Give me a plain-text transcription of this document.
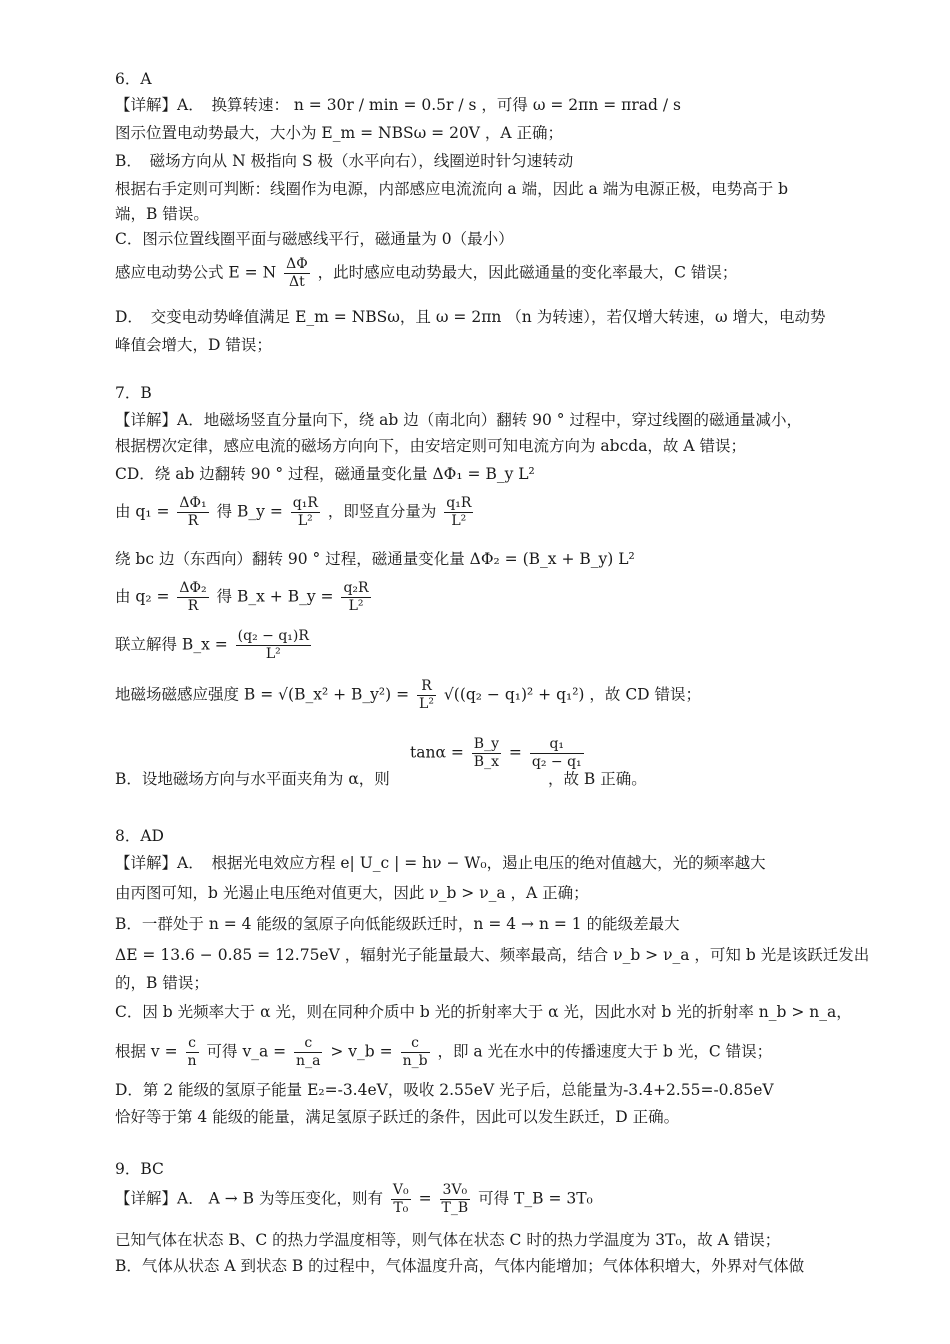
6．A
【详解】A．　换算转速： n = 30r / min = 0.5r / s ，可得 ω = 2πn = πrad / s
图示位置电动势最大，大小为 E_m = NBSω = 20V ，A 正确；
B．　磁场方向从 N 极指向 S 极（水平向右），线圈逆时针匀速转动
根据右手定则可判断：线圈作为电源，内部感应电流流向 a 端，因此 a 端为电源正极，电势高于 b
端，B 错误。
C．图示位置线圈平面与磁感线平行，磁通量为 0（最小）
感应电动势公式 E = N $\frac{\Delta\Phi}{\Delta t}$ ，此时感应电动势最大，因此磁通量的变化率最大，C 错误；
D．　交变电动势峰值满足 E_m = NBSω，且 ω = 2πn （n 为转速），若仅增大转速，ω 增大，电动势
峰值会增大，D 错误；
7．B
【详解】A．地磁场竖直分量向下，绕 ab 边（南北向）翻转 90 ° 过程中，穿过线圈的磁通量减小，
根据楞次定律，感应电流的磁场方向向下，由安培定则可知电流方向为 abcda，故 A 错误；
CD．绕 ab 边翻转 90 ° 过程，磁通量变化量 ΔΦ₁ = B_y L²
由 $q_1 = \frac{\text{ΔΦ₁}}{R}$ 得 B_y = $\frac{\text{q₁R}}{\text{L²}}$ ，即竖直分量为 $\frac{\text{q₁R}}{\text{L²}}$
绕 bc 边（东西向）翻转 90 ° 过程，磁通量变化量 ΔΦ₂ = (B_x + B_y) L²
由 $q_2 = \frac{\text{ΔΦ₂}}{R}$ 得 B_x + B_y = $\frac{\text{q₂R}}{\text{L²}}$
联立解得 B_x = $\frac{\text{(q₂ − q₁)R}}{\text{L²}}$
地磁场磁感应强度 B = √(B_x² + B_y²) = $\frac{R}{\text{L²}} √((q_2 - q_1)^2 + q_1^2)$ ，故 CD 错误；
$\tan\alpha = \frac{B\_y}{B\_x} = \frac{\text{q₁}}{\text{q₂ − q₁}}$
B．设地磁场方向与水平面夹角为 α，则	，故 B 正确。
8．AD
【详解】A．　根据光电效应方程 e| U_c | = hν − W₀，遏止电压的绝对值越大，光的频率越大
由丙图可知，b 光遏止电压绝对值更大，因此 ν_b > ν_a ，A 正确；
B．一群处于 n = 4 能级的氢原子向低能级跃迁时，n = 4 → n = 1 的能级差最大
ΔE = 13.6 − 0.85 = 12.75eV ，辐射光子能量最大、频率最高，结合 ν_b > ν_a ，可知 b 光是该跃迁发出
的，B 错误；
C．因 b 光频率大于 α 光，则在同种介质中 b 光的折射率大于 α 光，因此水对 b 光的折射率 n_b > n_a，
根据 $v = \frac{c}{n}$ 可得 v_a = $\frac{c}{n\_a}$ > v_b = $\frac{c}{n\_b}$ ，即 a 光在水中的传播速度大于 b 光，C 错误；
D．第 2 能级的氢原子能量 E₂=-3.4eV，吸收 2.55eV 光子后，总能量为-3.4+2.55=-0.85eV
恰好等于第 4 能级的能量，满足氢原子跃迁的条件，因此可以发生跃迁，D 正确。
9．BC
【详解】A． A → B 为等压变化，则有 $\frac{\text{V₀}}{\text{T₀}} = \frac{\text{3V₀}}{T\_B}$ 可得 T_B = 3T₀
已知气体在状态 B、C 的热力学温度相等，则气体在状态 C 时的热力学温度为 3T₀，故 A 错误；
B．气体从状态 A 到状态 B 的过程中，气体温度升高，气体内能增加；气体体积增大，外界对气体做
